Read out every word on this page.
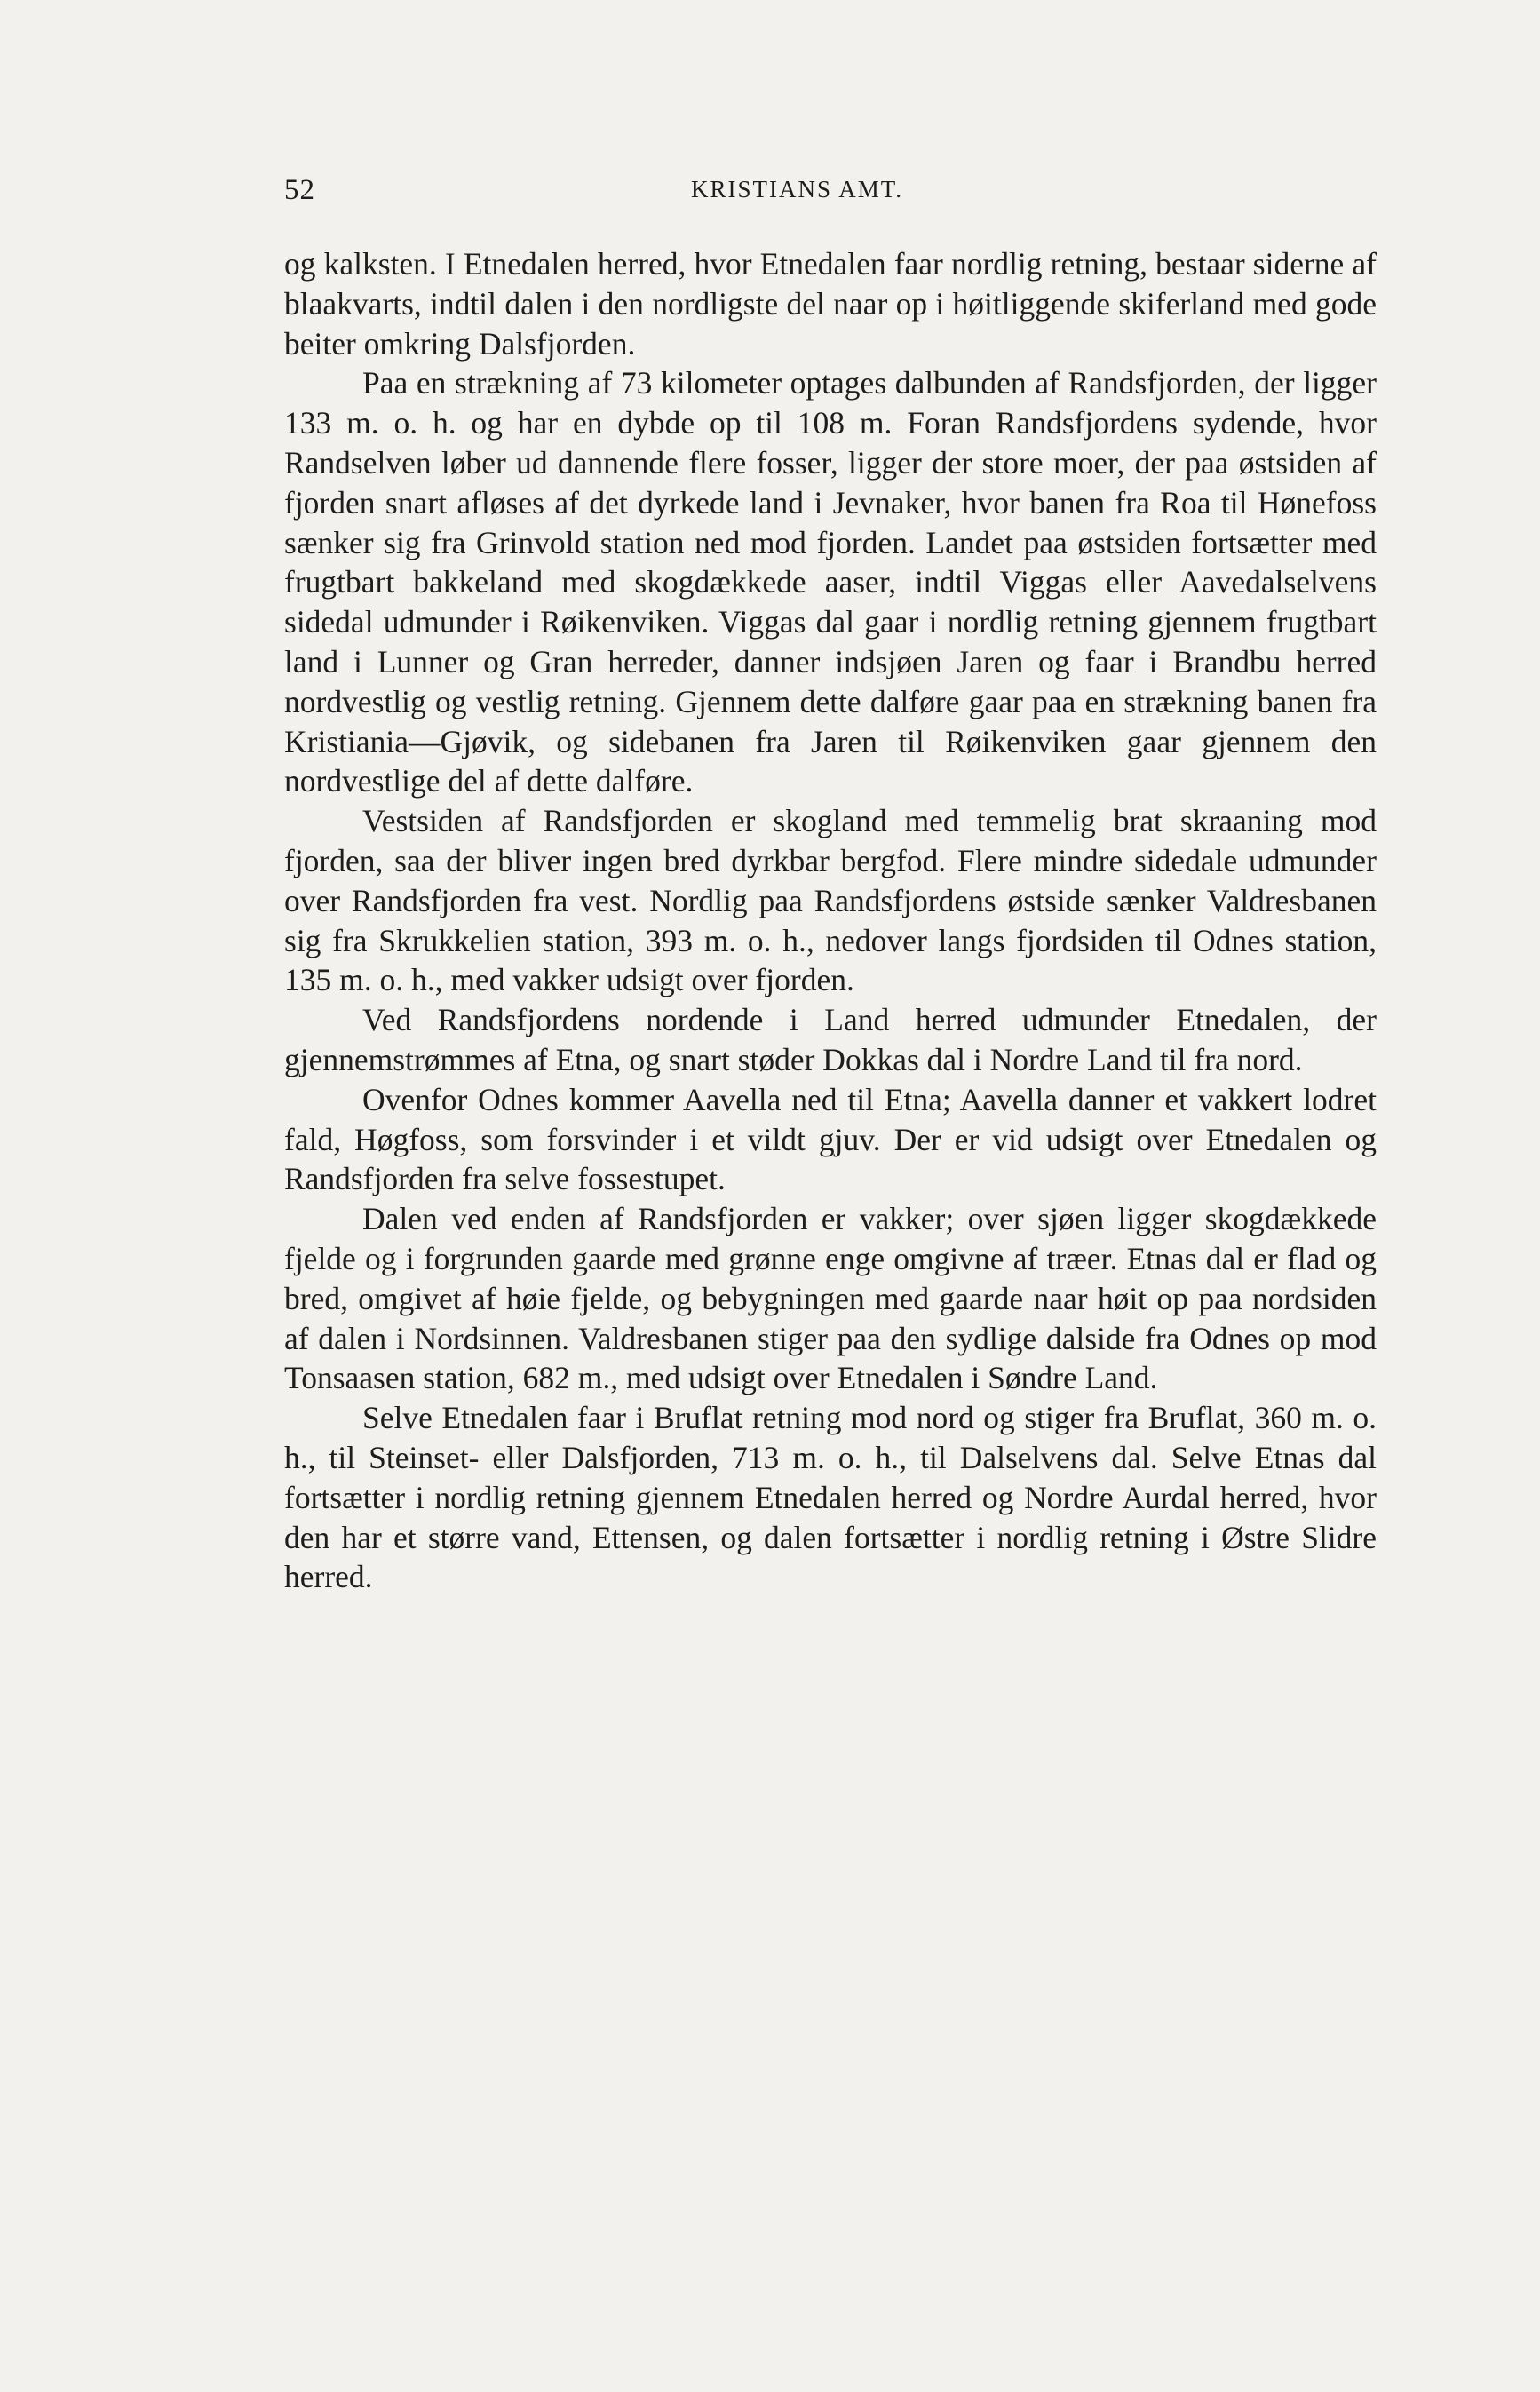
52	KRISTIANS AMT.

og kalksten. I Etnedalen herred, hvor Etnedalen faar nordlig retning, bestaar siderne af blaakvarts, indtil dalen i den nordligste del naar op i høitliggende skiferland med gode beiter omkring Dalsfjorden.

Paa en strækning af 73 kilometer optages dalbunden af Randsfjorden, der ligger 133 m. o. h. og har en dybde op til 108 m. Foran Randsfjordens sydende, hvor Randselven løber ud dannende flere fosser, ligger der store moer, der paa østsiden af fjorden snart afløses af det dyrkede land i Jevnaker, hvor banen fra Roa til Hønefoss sænker sig fra Grinvold station ned mod fjorden. Landet paa østsiden fortsætter med frugtbart bakkeland med skogdækkede aaser, indtil Viggas eller Aavedalselvens sidedal udmunder i Røikenviken. Viggas dal gaar i nordlig retning gjennem frugtbart land i Lunner og Gran herreder, danner indsjøen Jaren og faar i Brandbu herred nordvestlig og vestlig retning. Gjennem dette dalføre gaar paa en strækning banen fra Kristiania—Gjøvik, og sidebanen fra Jaren til Røikenviken gaar gjennem den nordvestlige del af dette dalføre.

Vestsiden af Randsfjorden er skogland med temmelig brat skraaning mod fjorden, saa der bliver ingen bred dyrkbar bergfod. Flere mindre sidedale udmunder over Randsfjorden fra vest. Nordlig paa Randsfjordens østside sænker Valdresbanen sig fra Skrukkelien station, 393 m. o. h., nedover langs fjordsiden til Odnes station, 135 m. o. h., med vakker udsigt over fjorden.

Ved Randsfjordens nordende i Land herred udmunder Etnedalen, der gjennemstrømmes af Etna, og snart støder Dokkas dal i Nordre Land til fra nord.

Ovenfor Odnes kommer Aavella ned til Etna; Aavella danner et vakkert lodret fald, Høgfoss, som forsvinder i et vildt gjuv. Der er vid udsigt over Etnedalen og Randsfjorden fra selve fossestupet.

Dalen ved enden af Randsfjorden er vakker; over sjøen ligger skogdækkede fjelde og i forgrunden gaarde med grønne enge omgivne af træer. Etnas dal er flad og bred, omgivet af høie fjelde, og bebygningen med gaarde naar høit op paa nordsiden af dalen i Nordsinnen. Valdresbanen stiger paa den sydlige dalside fra Odnes op mod Tonsaasen station, 682 m., med udsigt over Etnedalen i Søndre Land.

Selve Etnedalen faar i Bruflat retning mod nord og stiger fra Bruflat, 360 m. o. h., til Steinset- eller Dalsfjorden, 713 m. o. h., til Dalselvens dal. Selve Etnas dal fortsætter i nordlig retning gjennem Etnedalen herred og Nordre Aurdal herred, hvor den har et større vand, Ettensen, og dalen fortsætter i nordlig retning i Østre Slidre herred.
